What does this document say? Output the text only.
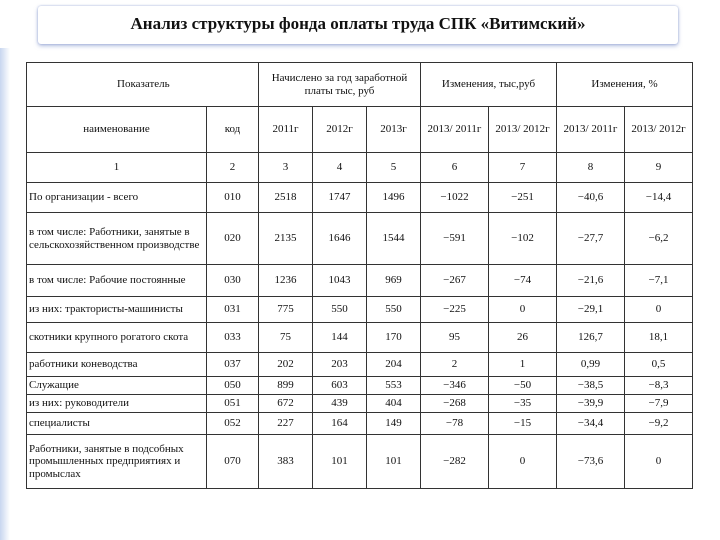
Анализ структуры фонда оплаты труда СПК «Витимский»
Показатель		Начислено за год заработной платы тыс, руб			Изменения, тыс,руб		Изменения, %	
наименование	код	2011г	2012г	2013г	2013/ 2011г	2013/ 2012г	2013/ 2011г	2013/ 2012г
1	2	3	4	5	6	7	8	9
По организации - всего	010	2518	1747	1496	−1022	−251	−40,6	−14,4
в том числе: Работники, занятые в сельскохозяйственном производстве	020	2135	1646	1544	−591	−102	−27,7	−6,2
в том числе: Рабочие постоянные	030	1236	1043	969	−267	−74	−21,6	−7,1
из них: трактористы-машинисты	031	775	550	550	−225	0	−29,1	0
скотники крупного рогатого скота	033	75	144	170	95	26	126,7	18,1
работники коневодства	037	202	203	204	2	1	0,99	0,5
Служащие	050	899	603	553	−346	−50	−38,5	−8,3
из них: руководители	051	672	439	404	−268	−35	−39,9	−7,9
специалисты	052	227	164	149	−78	−15	−34,4	−9,2
Работники, занятые в подсобных промышленных предприятиях и промыслах	070	383	101	101	−282	0	−73,6	0
